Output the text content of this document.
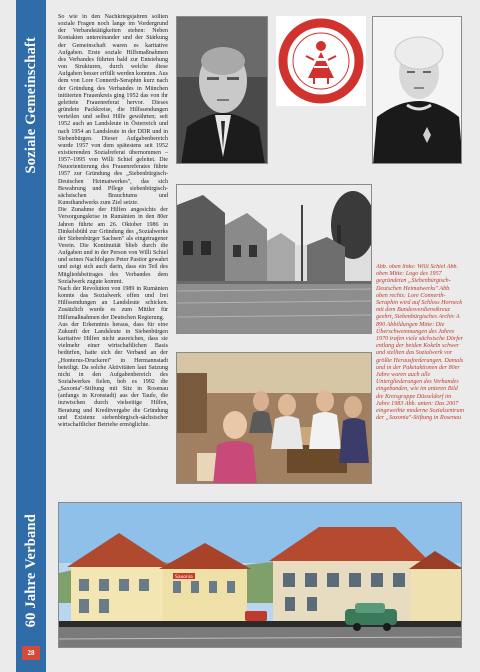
Soziale Gemeinschaft
60 Jahre Verband
28

So wie in den Nachkriegsjahren sollten soziale Fragen noch lange im Vordergrund der Verbandstätigkeiten stehen: Neben Kontakten untereinander und der Stärkung der Gemeinschaft waren es karitative Aufgaben. Erste soziale Hilfsmaßnahmen des Verbandes führten bald zur Entstehung von Strukturen, durch welche diese Aufgaben besser erfüllt werden konnten. Aus dem von Lore Connerth-Seraphin kurz nach der Gründung des Verbandes in München initiierten Frauenkreis ging 1952 das von ihr geleitete Frauenreferat hervor. Dieses gründete Packkreise, die Hilfssendungen verteilen und selbst Hilfe gewährten; seit 1952 auch an Landsleute in Österreich und nach 1954 an Landsleute in der DDR und in Siebenbürgen. Dieser Aufgabenbereich wurde 1957 von dem spätestens seit 1952 existierenden Sozialreferat übernommen – 1957–1995 von Willi Schiel geleitet. Die Neuorientierung des Frauenreferates führte 1957 zur Gründung des „Siebenbürgisch-Deutschen Heimatwerkes", das sich Bewahrung und Pflege siebenbürgisch-sächsischen Brauchtums und Kunsthandwerks zum Ziel setzte.

Die Zunahme der Hilfen angesichts der Versorgungskrise in Rumänien in den 80er Jahren führte am 26. Oktober 1986 in Dinkelsbühl zur Gründung des „Sozialwerks der Siebenbürger Sachsen" als eingetragener Verein. Die Kontinuität blieb durch die Aufgaben und in der Person von Willi Schiel und seines Nachfolgers Peter Pastior gewahrt und zeigt sich auch darin, dass ein Teil des Mitgliedsbeitrages des Verbandes dem Sozialwerk zugute kommt.

Nach der Revolution von 1989 in Rumänien konnte das Sozialwerk offen und frei Hilfssendungen an Landsleute schicken. Zusätzlich wurde es zum Mittler für Hilfsmaßnahmen der Deutschen Regierung.

Aus der Erkenntnis heraus, dass für eine Zukunft der Landsleute in Siebenbürgen karitative Hilfen nicht ausreichen, dass sie vielmehr einer wirtschaftlichen Basis bedürfen, hatte sich der Verband an der „Honterus-Druckerei" in Hermannstadt beteiligt. Da solche Aktivitäten laut Satzung nicht in den Aufgabenbereich des Sozialwerkes fielen, hob es 1992 die „Saxonia"-Stiftung mit Sitz in Rosenau (anfangs in Kronstadt) aus der Taufe, die inzwischen durch vielseitige Hilfen, Beratung und Kreditvergabe die Gründung und Existenz siebenbürgisch-sächsischer wirtschaftlicher Betriebe ermöglichte.

Abb. oben links: Willi Schiel Abb. oben Mitte: Logo des 1957 gegründeten „Siebenbürgisch-Deutschen Heimatwerks" Abb. oben rechts: Lore Connerth-Seraphin wird auf Schloss Horneck mit dem Bundesverdienstkreuz geehrt, Siebenbürgisches Archiv A 890 Abbildungen Mitte: Die Überschwemmungen des Jahres 1970 trafen viele sächsische Dörfer entlang der beiden Kokeln schwer und stellten das Sozialwerk vor größte Herausforderungen. Damals und in der Paketaktionen der 80er Jahre waren auch alle Untergliederungen des Verbandes eingebunden, wie im unteren Bild die Kreisgruppe Düsseldorf im Jahre 1983 Abb. unten: Das 2007 eingeweihte moderne Sozialzentrum der „Saxonia"-Stiftung in Rosenau

Saxonia
